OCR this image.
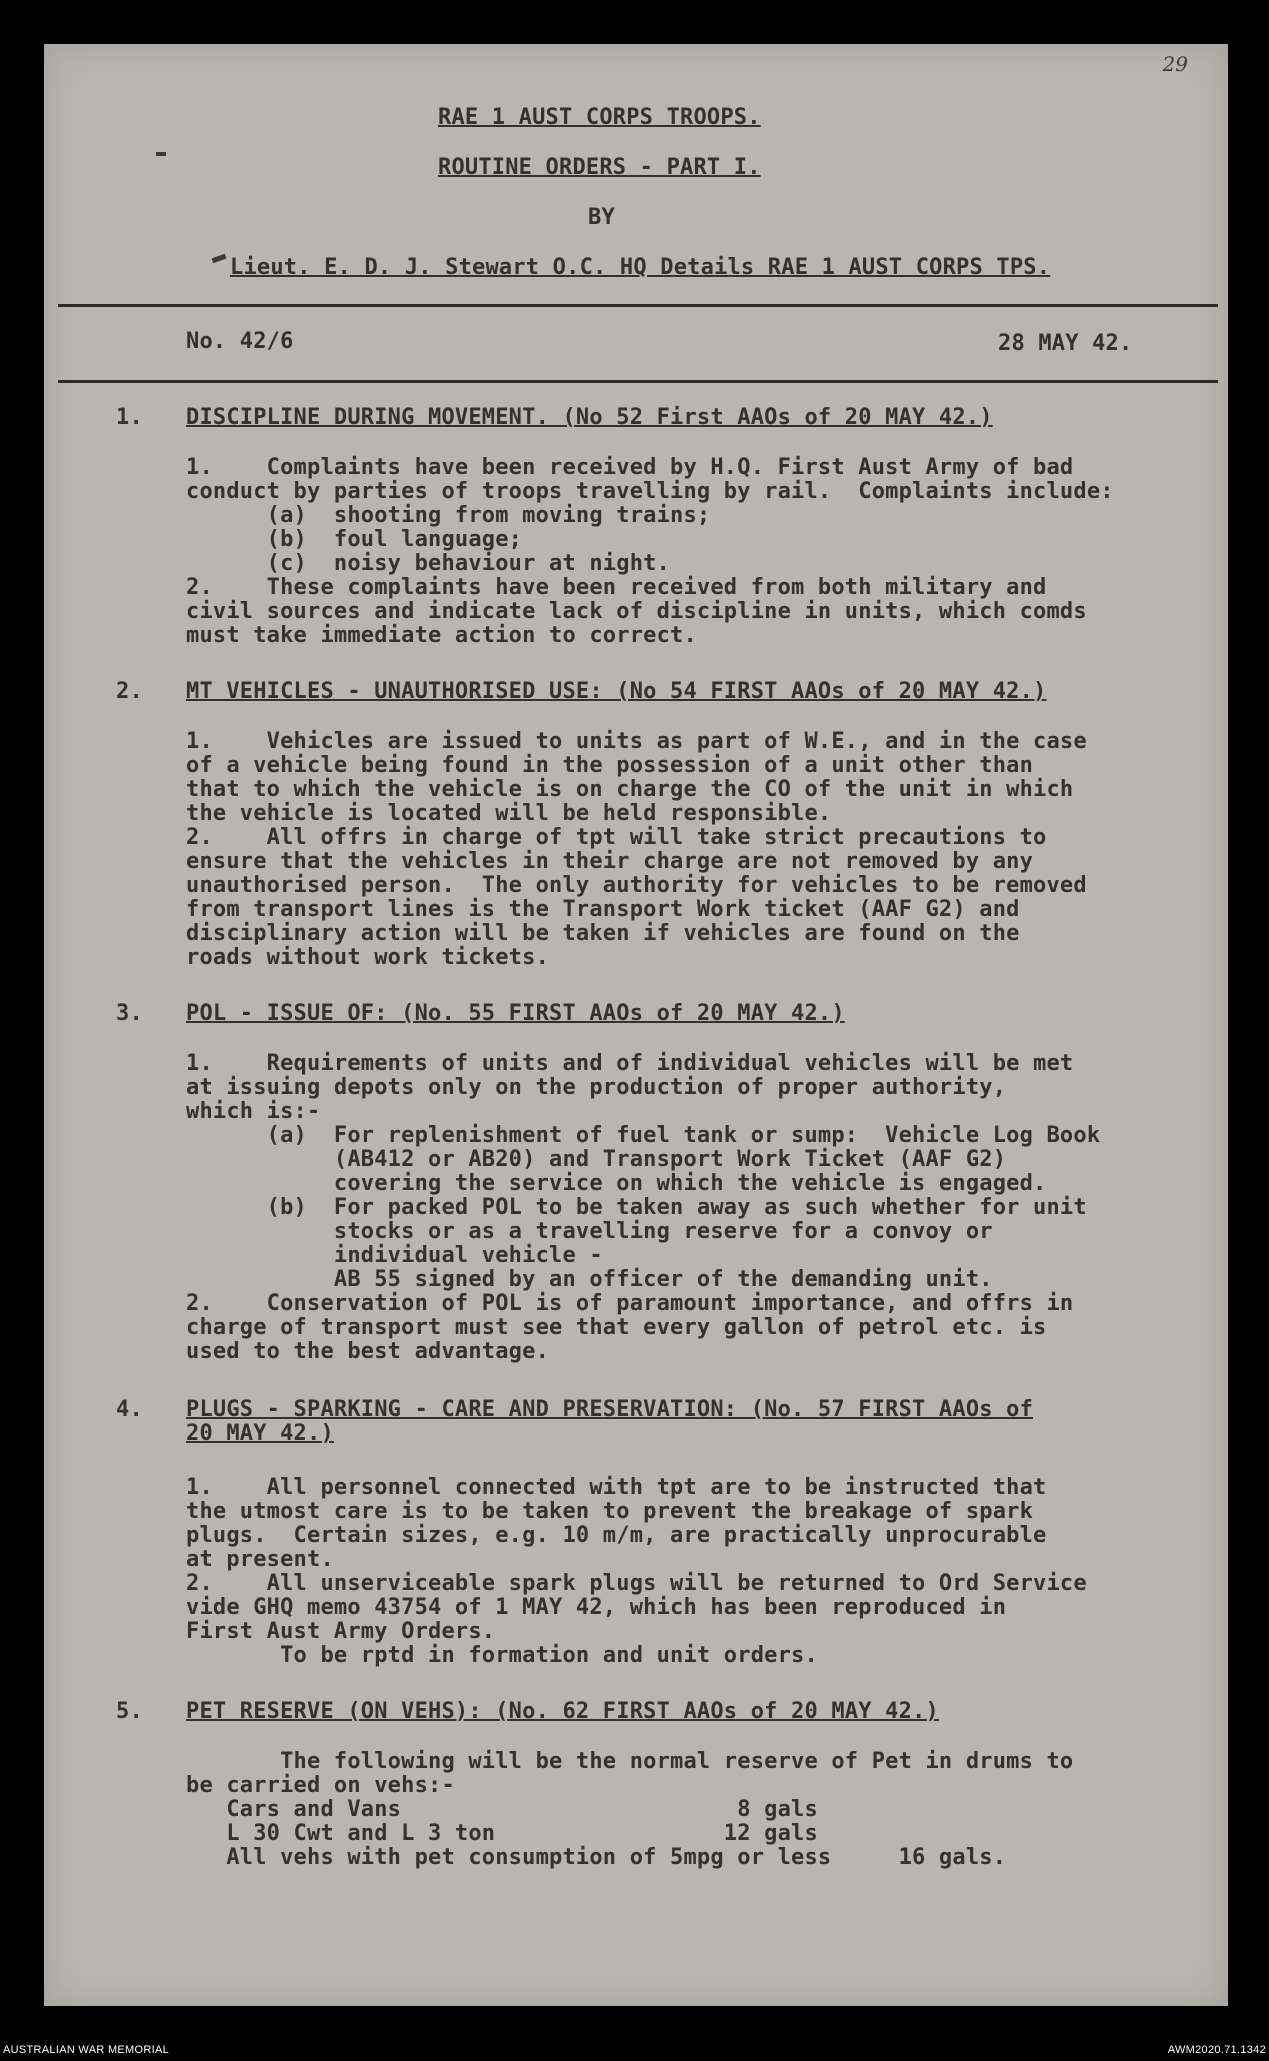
29
RAE 1 AUST CORPS TROOPS.
ROUTINE ORDERS - PART I.
BY
Lieut. E. D. J. Stewart O.C. HQ Details RAE 1 AUST CORPS TPS.
No. 42/6	28 MAY 42.
1. DISCIPLINE DURING MOVEMENT. (No 52 First AAOs of 20 MAY 42.)
1.    Complaints have been received by H.Q. First Aust Army of bad
conduct by parties of troops travelling by rail.  Complaints include:
(a)  shooting from moving trains;
(b)  foul language;
(c)  noisy behaviour at night.
2.    These complaints have been received from both military and
civil sources and indicate lack of discipline in units, which comds
must take immediate action to correct.
2. MT VEHICLES - UNAUTHORISED USE: (No 54 FIRST AAOs of 20 MAY 42.)
1.    Vehicles are issued to units as part of W.E., and in the case
of a vehicle being found in the possession of a unit other than
that to which the vehicle is on charge the CO of the unit in which
the vehicle is located will be held responsible.
2.    All offrs in charge of tpt will take strict precautions to
ensure that the vehicles in their charge are not removed by any
unauthorised person.  The only authority for vehicles to be removed
from transport lines is the Transport Work ticket (AAF G2) and
disciplinary action will be taken if vehicles are found on the
roads without work tickets.
3. POL - ISSUE OF: (No. 55 FIRST AAOs of 20 MAY 42.)
1.    Requirements of units and of individual vehicles will be met
at issuing depots only on the production of proper authority,
which is:-
(a)  For replenishment of fuel tank or sump:  Vehicle Log Book
(AB412 or AB20) and Transport Work Ticket (AAF G2)
covering the service on which the vehicle is engaged.
(b)  For packed POL to be taken away as such whether for unit
stocks or as a travelling reserve for a convoy or
individual vehicle -
AB 55 signed by an officer of the demanding unit.
2.    Conservation of POL is of paramount importance, and offrs in
charge of transport must see that every gallon of petrol etc. is
used to the best advantage.
4. PLUGS - SPARKING - CARE AND PRESERVATION: (No. 57 FIRST AAOs of
20 MAY 42.)
1.    All personnel connected with tpt are to be instructed that
the utmost care is to be taken to prevent the breakage of spark
plugs.  Certain sizes, e.g. 10 m/m, are practically unprocurable
at present.
2.    All unserviceable spark plugs will be returned to Ord Service
vide GHQ memo 43754 of 1 MAY 42, which has been reproduced in
First Aust Army Orders.
To be rptd in formation and unit orders.
5. PET RESERVE (ON VEHS): (No. 62 FIRST AAOs of 20 MAY 42.)
The following will be the normal reserve of Pet in drums to
be carried on vehs:-
Cars and Vans                         8 gals
L 30 Cwt and L 3 ton                 12 gals
All vehs with pet consumption of 5mpg or less     16 gals.
AUSTRALIAN WAR MEMORIAL	AWM2020.71.1342
